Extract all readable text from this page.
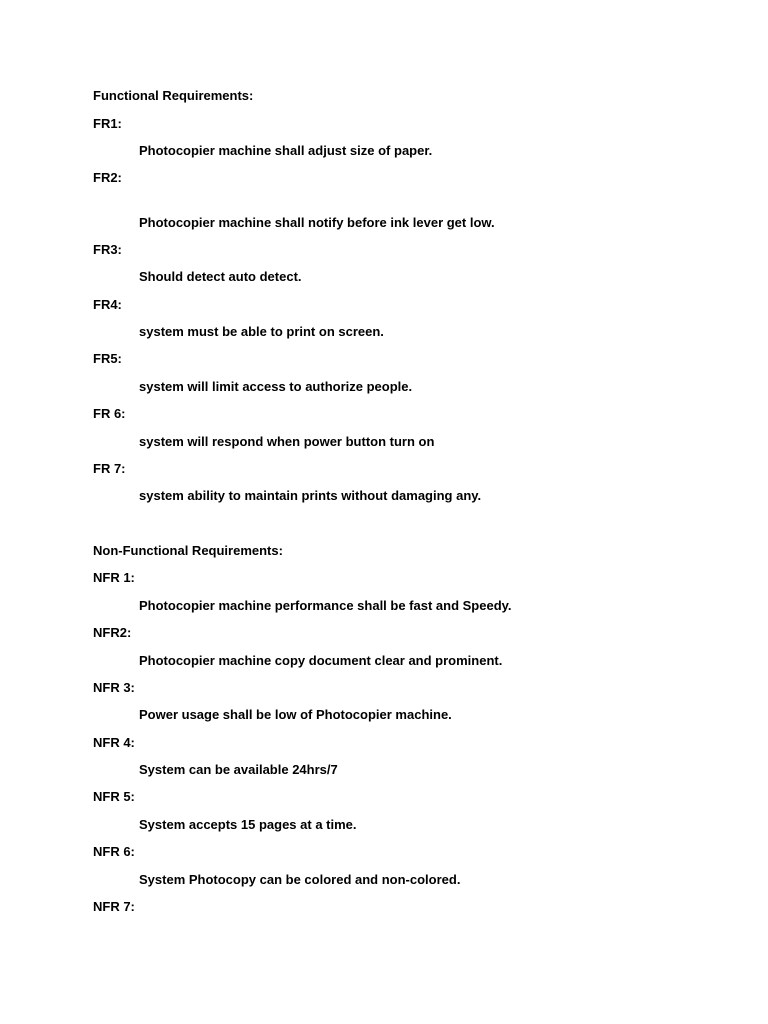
Functional Requirements:
FR1:
Photocopier machine shall adjust size of paper.
FR2:
Photocopier machine shall notify before ink lever get low.
FR3:
Should detect auto detect.
FR4:
system must be able to print on screen.
FR5:
system will limit access to authorize people.
FR 6:
system will respond when power button turn on
FR 7:
system ability to maintain prints without damaging any.
Non-Functional Requirements:
NFR 1:
Photocopier machine performance shall be fast and Speedy.
NFR2:
Photocopier machine copy document clear and prominent.
NFR 3:
Power usage shall be low of Photocopier machine.
NFR 4:
System can be available 24hrs/7
NFR 5:
System accepts 15 pages at a time.
NFR 6:
System Photocopy can be colored and non-colored.
NFR 7:
